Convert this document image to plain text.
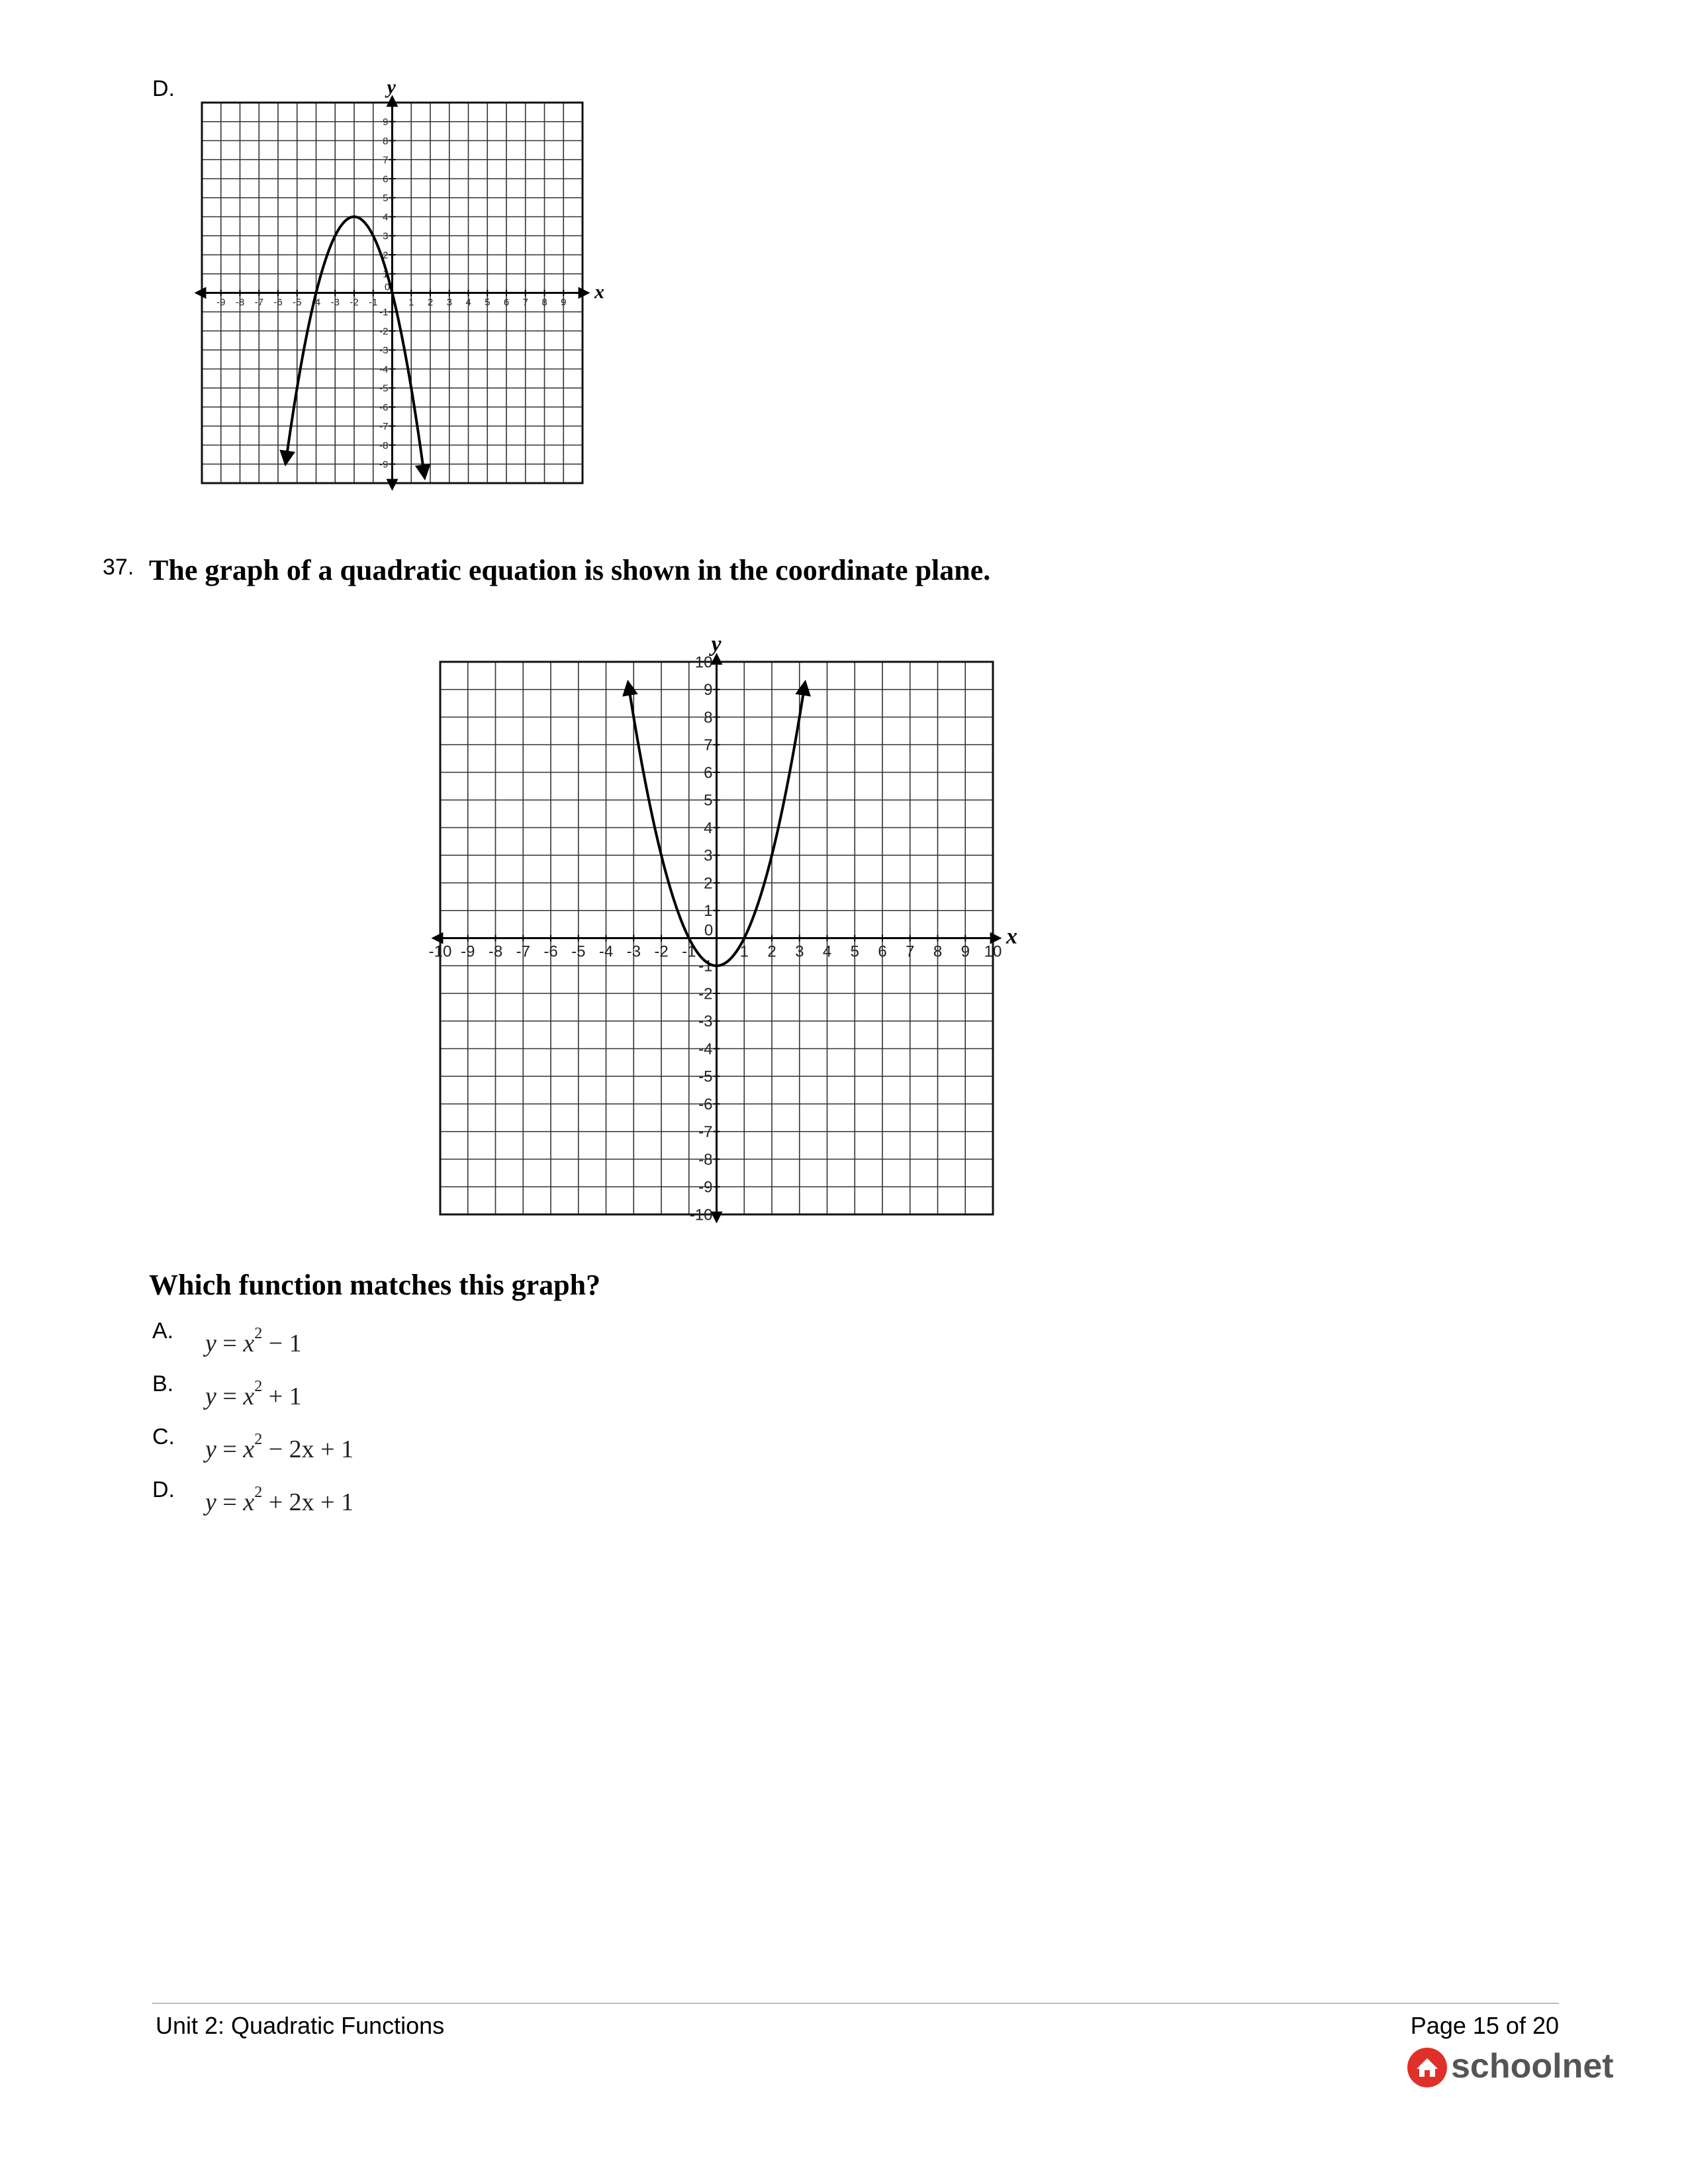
D.
x
y
-9 -8 -7 -6 -5 -4 -3 -2 -1
0
1 2 3 4 5 6 7 8 9
9
8
7
6
5
4
3
2
1
-1
-2
-3
-4
-5
-6
-7
-8
-9
37. The graph of a quadratic equation is shown in the coordinate plane.
x
y
-10 -9 -8 -7 -6 -5 -4 -3 -2 -1
0
1 2 3 4 5 6 7 8 9 10
10
9
8
7
6
5
4
3
2
1
-1
-2
-3
-4
-5
-6
-7
-8
-9
-10
Which function matches this graph?
A. $y = x^2 - 1$
B. $y = x^2 + 1$
C. $y = x^2 - 2x + 1$
D. $y = x^2 + 2x + 1$
Unit 2: Quadratic Functions	Page 15 of 20
schoolnet
